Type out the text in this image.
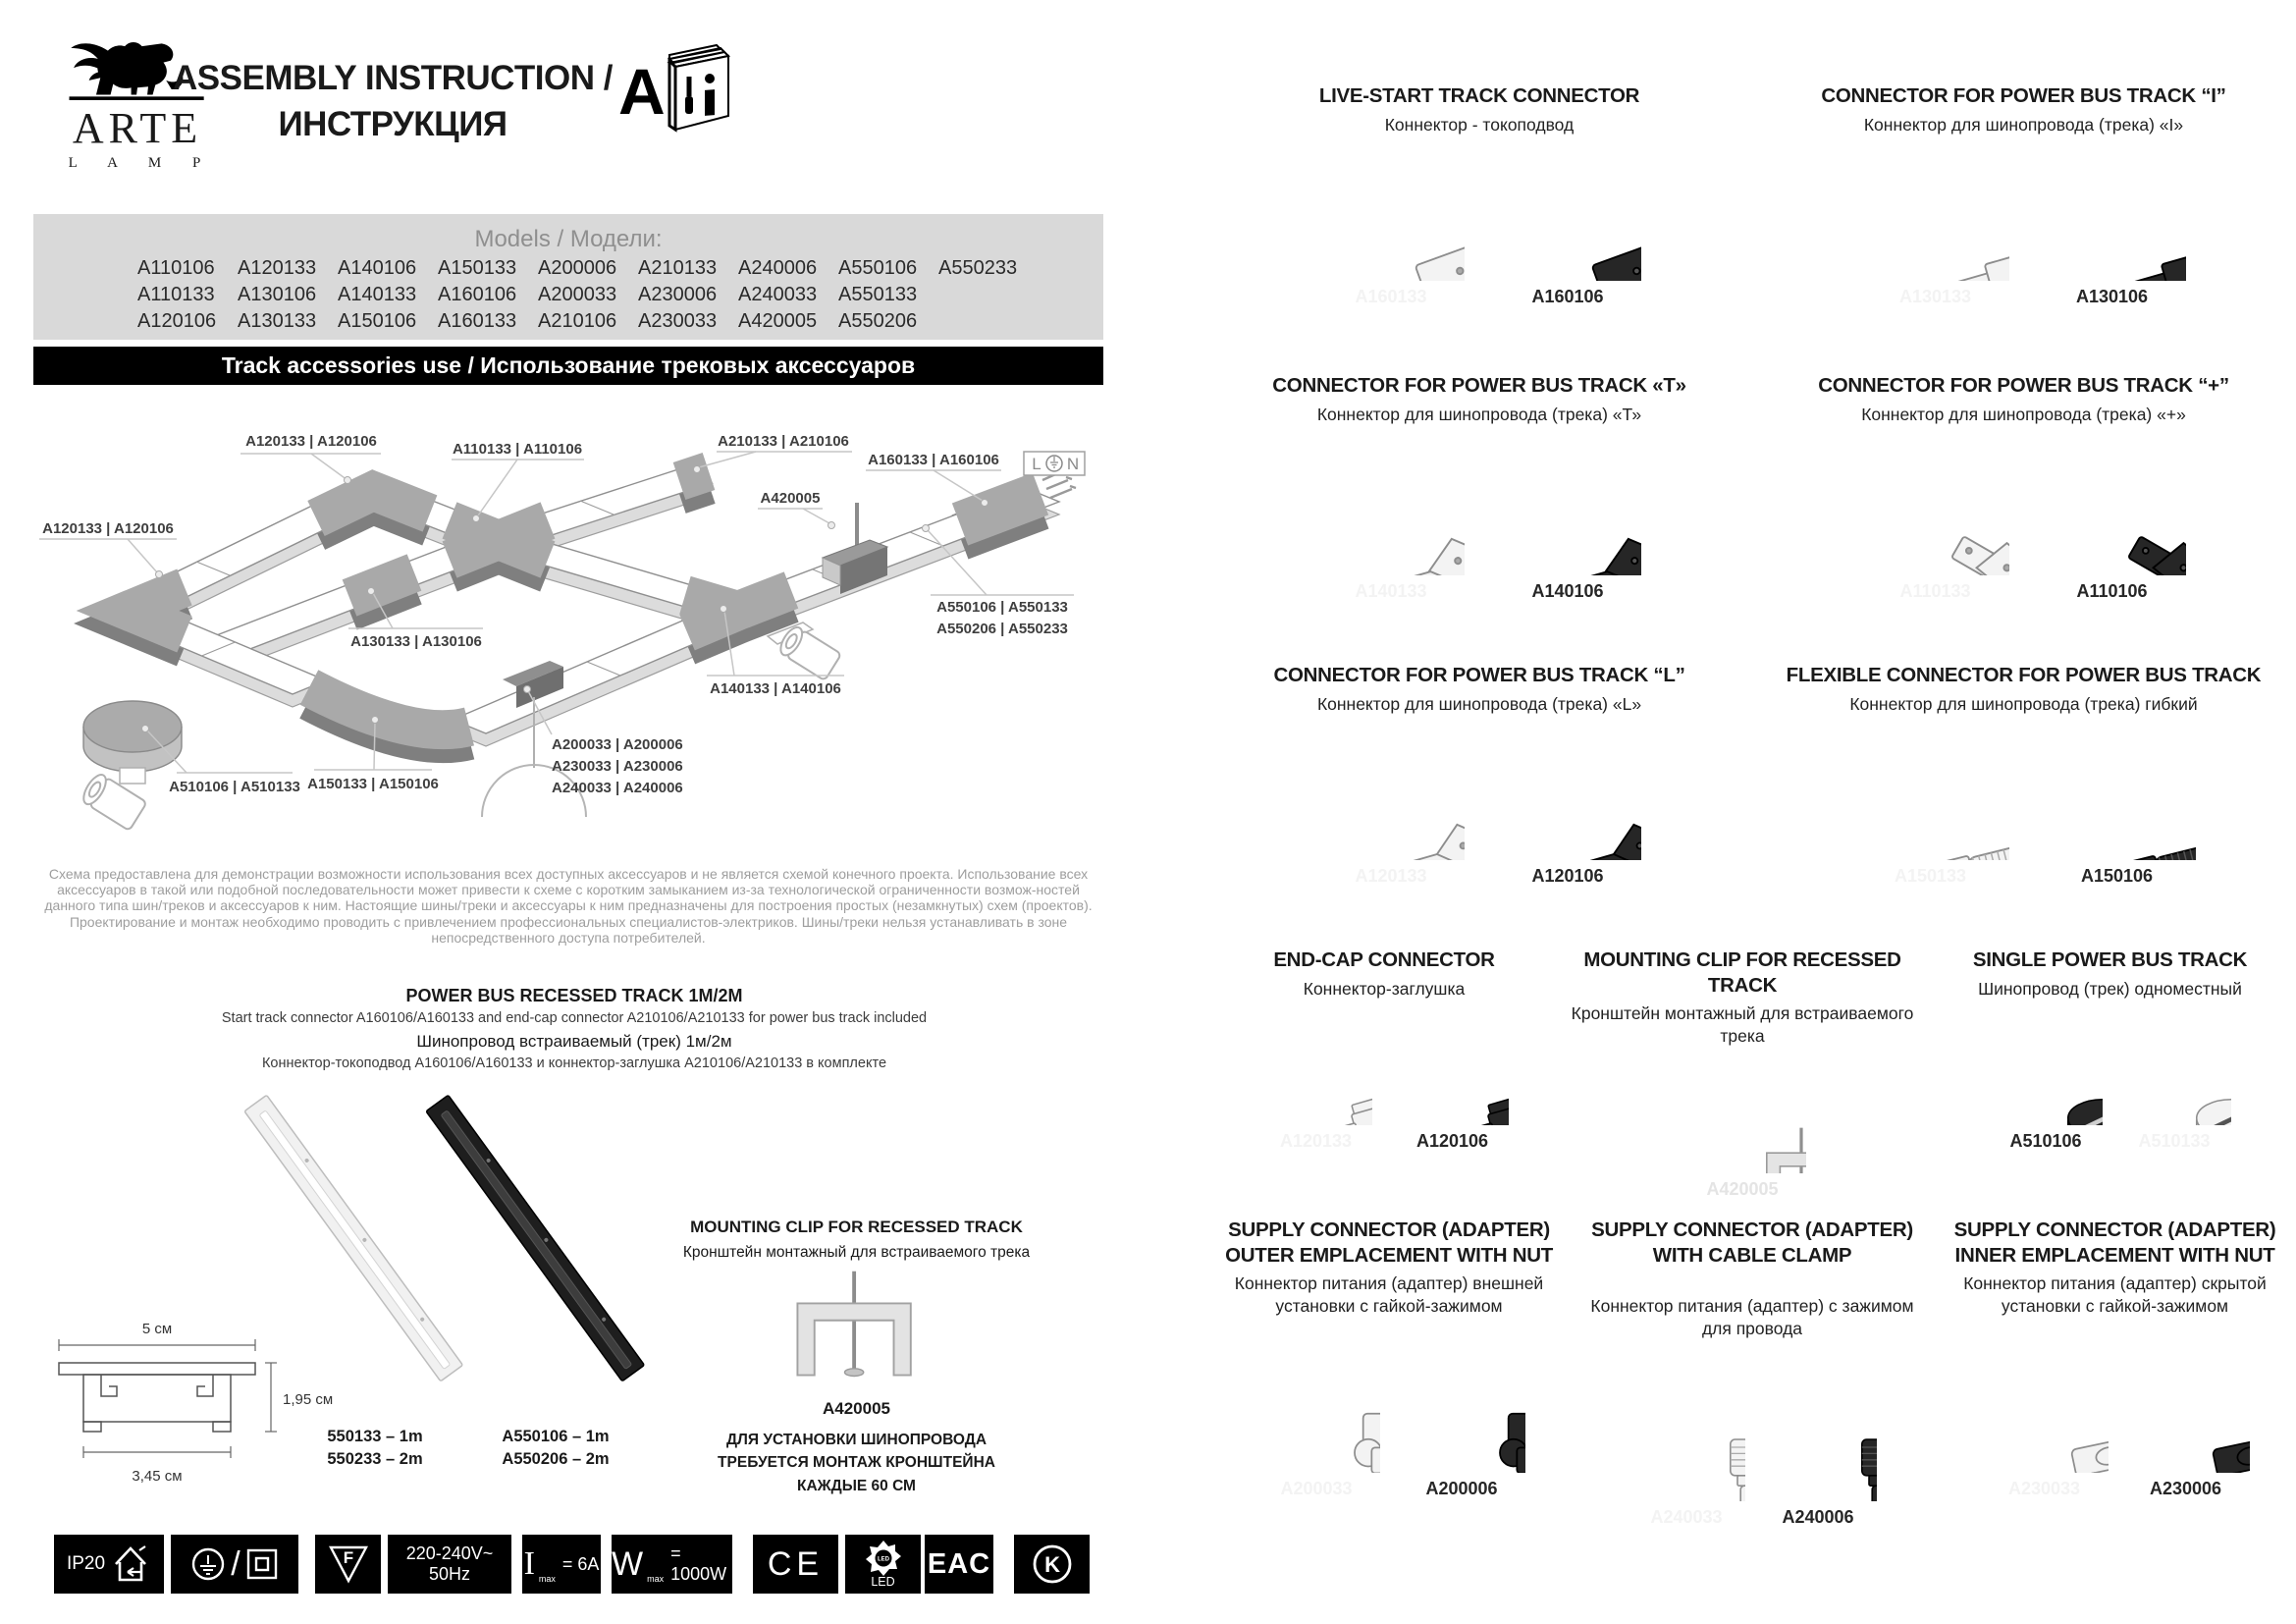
ARTE
L A M P
ASSEMBLY INSTRUCTION /
ИНСТРУКЦИЯ	A
Models / Модели:
A110106	A120133	A140106	A150133	A200006	A210133	A240006	A550106	A550233
A110133	A130106	A140133	A160106	A200033	A230006	A240033	A550133
A120106	A130133	A150106	A160133	A210106	A230033	A420005	A550206
Track accessories use / Использование трековых аксессуаров
L N
A120133 | A120106	A110133 | A110106	A210133 | A210106
A160133 | A160106
A420005
A120133 | A120106
A130133 | A130106
A140133 | A140106
A550106 | A550133
A550206 | A550233
A200033 | A200006
A230033 | A230006
A240033 | A240006
A150133 | A150106
A510106 | A510133
Схема предоставлена для демонстрации возможности использования всех доступных аксессуаров и не является схемой конечного проекта. Использование всех аксессуаров в такой или подобной последовательности может привести к схеме с коротким замыканием из-за технологической ограниченности возмож-ностей данного типа шин/треков и аксессуаров к ним. Настоящие шины/треки и аксессуары к ним предназначены для построения простых (незамкнутых) схем (проектов). Проектирование и монтаж необходимо проводить с привлечением профессиональных специалистов-электриков. Шины/треки нельзя устанавливать в зоне непосредственного доступа потребителей.
POWER BUS RECESSED TRACK 1M/2M
Start track connector A160106/A160133 and end-cap connector A210106/A210133 for power bus track included
Шинопровод встраиваемый (трек) 1м/2м
Коннектор-токоподвод A160106/A160133 и коннектор-заглушка A210106/A210133 в комплекте
5 см
1,95 см
3,45 см
550133 – 1m
550233 – 2m
A550106 – 1m
A550206 – 2m
MOUNTING CLIP FOR RECESSED TRACK
Кронштейн монтажный для встраиваемого трека
A420005
ДЛЯ УСТАНОВКИ ШИНОПРОВОДА
ТРЕБУЕТСЯ МОНТАЖ КРОНШТЕЙНА
КАЖДЫЕ 60 СМ
IP20	/	F	220-240V~
50Hz	I max
= 6A W max
= 1000W CE	LED
LED
EAC K
LIVE-START TRACK CONNECTOR
Коннектор - токоподвод
A160133	A160106
CONNECTOR FOR POWER BUS TRACK “I”
Коннектор для шинопровода (трека) «I»
A130133	A130106
CONNECTOR FOR POWER BUS TRACK «T»
Коннектор для шинопровода (трека) «Т»
A140133	A140106
CONNECTOR FOR POWER BUS TRACK “+”
Коннектор для шинопровода (трека) «+»
A110133	A110106
CONNECTOR FOR POWER BUS TRACK “L”
Коннектор для шинопровода (трека) «L»
A120133	A120106
FLEXIBLE CONNECTOR FOR POWER BUS TRACK
Коннектор для шинопровода (трека) гибкий
A150133	A150106
END-CAP CONNECTOR
Коннектор-заглушка
A120133	A120106
MOUNTING CLIP FOR RECESSED TRACK
Кронштейн монтажный для встраиваемого трека
A420005
SINGLE POWER BUS TRACK
Шинопровод (трек) одноместный
A510106	A510133
SUPPLY CONNECTOR (ADAPTER) OUTER EMPLACEMENT WITH NUT
Коннектор питания (адаптер) внешней установки с гайкой-зажимом
A200033	A200006
SUPPLY CONNECTOR (ADAPTER) WITH CABLE CLAMP
Коннектор питания (адаптер) с зажимом для провода
A240033	A240006
SUPPLY CONNECTOR (ADAPTER) INNER EMPLACEMENT WITH NUT
Коннектор питания (адаптер) скрытой установки с гайкой-зажимом
A230033	A230006
